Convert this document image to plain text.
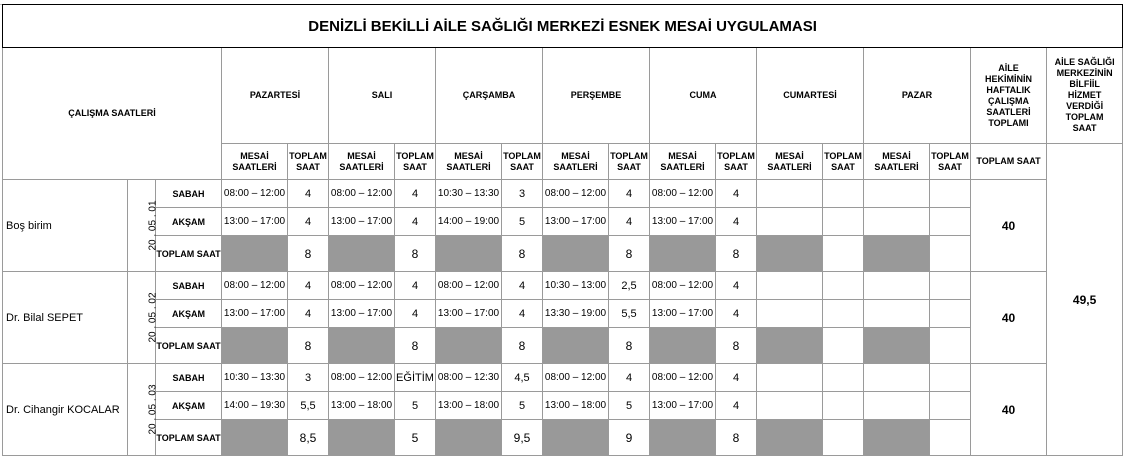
DENİZLİ BEKİLLİ AİLE SAĞLIĞI MERKEZİ ESNEK MESAİ UYGULAMASI																		
ÇALIŞMA SAATLERİ			PAZARTESİ		SALI		ÇARŞAMBA		PERŞEMBE		CUMA		CUMARTESİ		PAZAR		AİLE HEKİMİNİN HAFTALIK ÇALIŞMA SAATLERİ TOPLAMI	AİLE SAĞLIĞI MERKEZİNİN BİLFİİL HİZMET VERDİĞİ TOPLAM SAAT
			MESAİ SAATLERİ	TOPLAM SAAT	MESAİ SAATLERİ	TOPLAM SAAT	MESAİ SAATLERİ	TOPLAM SAAT	MESAİ SAATLERİ	TOPLAM SAAT	MESAİ SAATLERİ	TOPLAM SAAT	MESAİ SAATLERİ	TOPLAM SAAT	MESAİ SAATLERİ	TOPLAM SAAT	TOPLAM SAAT	49,5
Boş birim	20 . 05 . 01	SABAH	08:00 – 12:00	4	08:00 – 12:00	4	10:30 – 13:30	3	08:00 – 12:00	4	08:00 – 12:00	4					40	
		AKŞAM	13:00 – 17:00	4	13:00 – 17:00	4	14:00 – 19:00	5	13:00 – 17:00	4	13:00 – 17:00	4						
		TOPLAM SAAT		8		8		8		8		8						
Dr. Bilal SEPET	20 . 05 . 02	SABAH	08:00 – 12:00	4	08:00 – 12:00	4	08:00 – 12:00	4	10:30 – 13:00	2,5	08:00 – 12:00	4					40	
		AKŞAM	13:00 – 17:00	4	13:00 – 17:00	4	13:00 – 17:00	4	13:30 – 19:00	5,5	13:00 – 17:00	4						
		TOPLAM SAAT		8		8		8		8		8						
Dr. Cihangir KOCALAR	20 . 05 . 03	SABAH	10:30 – 13:30	3	08:00 – 12:00	EĞİTİM	08:00 – 12:30	4,5	08:00 – 12:00	4	08:00 – 12:00	4					40	
		AKŞAM	14:00 – 19:30	5,5	13:00 – 18:00	5	13:00 – 18:00	5	13:00 – 18:00	5	13:00 – 17:00	4						
		TOPLAM SAAT		8,5		5		9,5		9		8						
